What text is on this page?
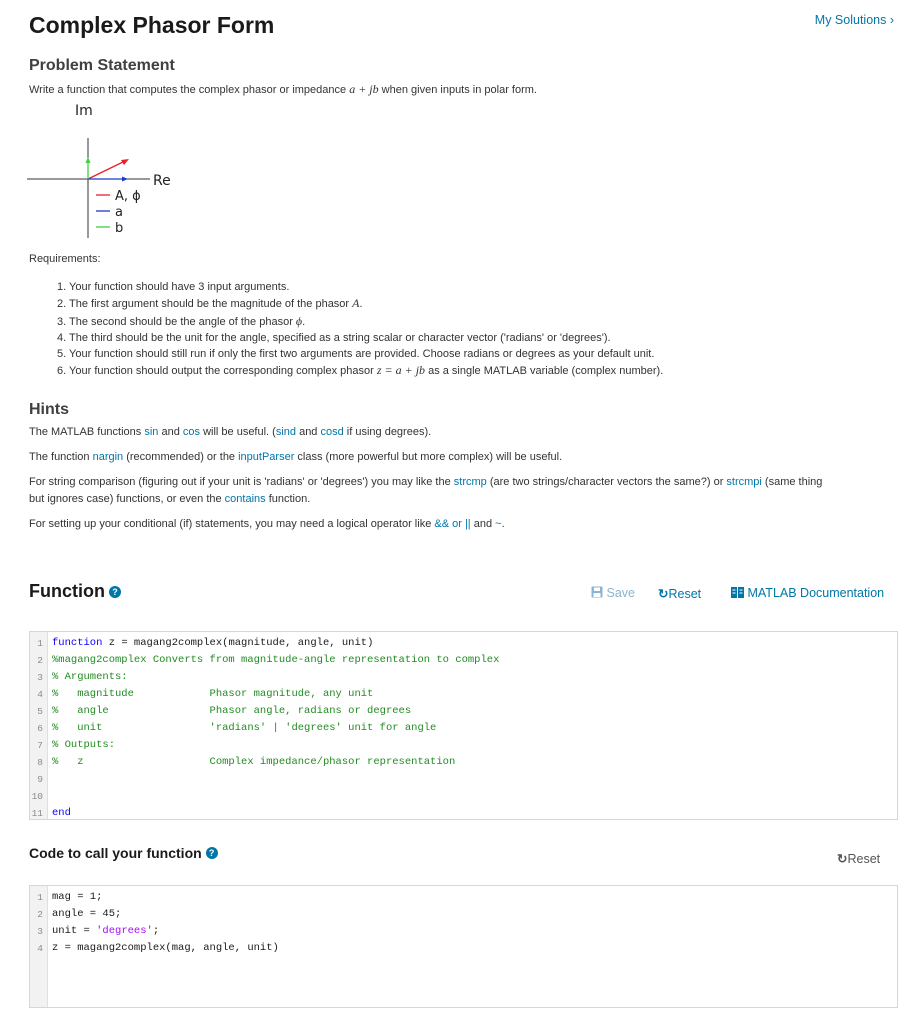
Complex Phasor Form	My Solutions ›
Problem Statement
Write a function that computes the complex phasor or impedance a + jb when given inputs in polar form.
Im
Re
A, ϕ
a
b
Requirements:
1. Your function should have 3 input arguments.
2. The first argument should be the magnitude of the phasor A.
3. The second should be the angle of the phasor ϕ.
4. The third should be the unit for the angle, specified as a string scalar or character vector ('radians' or 'degrees').
5. Your function should still run if only the first two arguments are provided. Choose radians or degrees as your default unit.
6. Your function should output the corresponding complex phasor z = a + jb as a single MATLAB variable (complex number).
Hints
The MATLAB functions sin and cos will be useful. (sind and cosd if using degrees).
The function nargin (recommended) or the inputParser class (more powerful but more complex) will be useful.
For string comparison (figuring out if your unit is 'radians' or 'degrees') you may like the strcmp (are two strings/character vectors the same?) or strcmpi (same thing
but ignores case) functions, or even the contains function.
For setting up your conditional (if) statements, you may need a logical operator like && or || and ~.
Function ?	Save ↻Reset	MATLAB Documentation
1 function z = magang2complex(magnitude, angle, unit)
2 %magang2complex Converts from magnitude-angle representation to complex
3 % Arguments:
4 %   magnitude            Phasor magnitude, any unit
5 %   angle                Phasor angle, radians or degrees
6 %   unit                 'radians' | 'degrees' unit for angle
7 % Outputs:
8 %   z                    Complex impedance/phasor representation
9
10
11 end
Code to call your function ?	↻Reset
1 mag = 1;
2 angle = 45;
3 unit = 'degrees';
4 z = magang2complex(mag, angle, unit)
